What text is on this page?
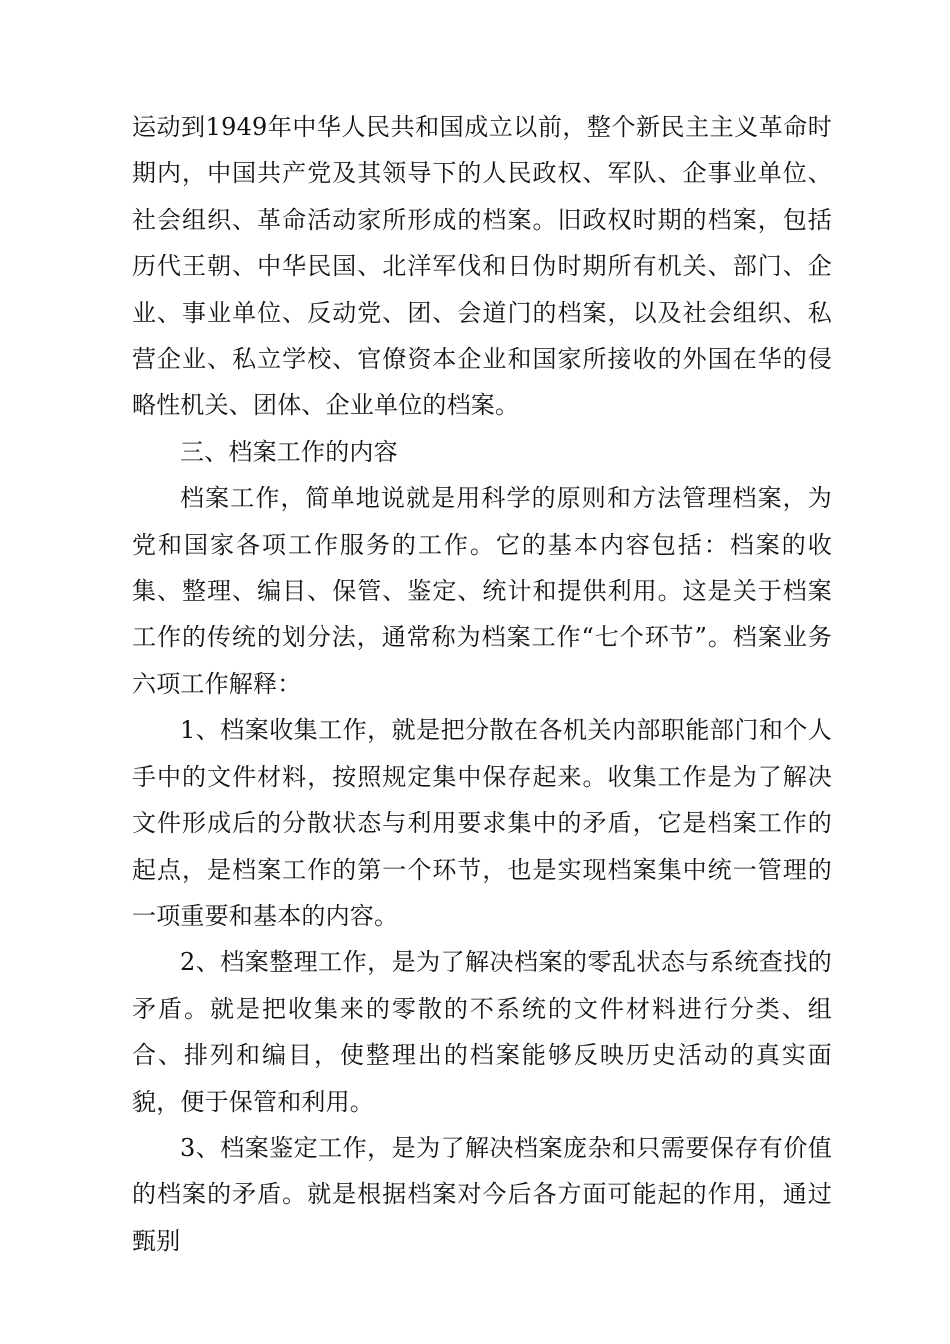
运动到1949年中华人民共和国成立以前，整个新民主主义革命时期内，中国共产党及其领导下的人民政权、军队、企事业单位、社会组织、革命活动家所形成的档案。旧政权时期的档案，包括历代王朝、中华民国、北洋军伐和日伪时期所有机关、部门、企业、事业单位、反动党、团、会道门的档案，以及社会组织、私营企业、私立学校、官僚资本企业和国家所接收的外国在华的侵略性机关、团体、企业单位的档案。

三、档案工作的内容

档案工作，简单地说就是用科学的原则和方法管理档案，为党和国家各项工作服务的工作。它的基本内容包括：档案的收集、整理、编目、保管、鉴定、统计和提供利用。这是关于档案工作的传统的划分法，通常称为档案工作“七个环节”。档案业务六项工作解释：

1、档案收集工作，就是把分散在各机关内部职能部门和个人手中的文件材料，按照规定集中保存起来。收集工作是为了解决文件形成后的分散状态与利用要求集中的矛盾，它是档案工作的起点，是档案工作的第一个环节，也是实现档案集中统一管理的一项重要和基本的内容。

2、档案整理工作，是为了解决档案的零乱状态与系统查找的矛盾。就是把收集来的零散的不系统的文件材料进行分类、组合、排列和编目，使整理出的档案能够反映历史活动的真实面貌，便于保管和利用。

3、档案鉴定工作，是为了解决档案庞杂和只需要保存有价值的档案的矛盾。就是根据档案对今后各方面可能起的作用，通过甄别
